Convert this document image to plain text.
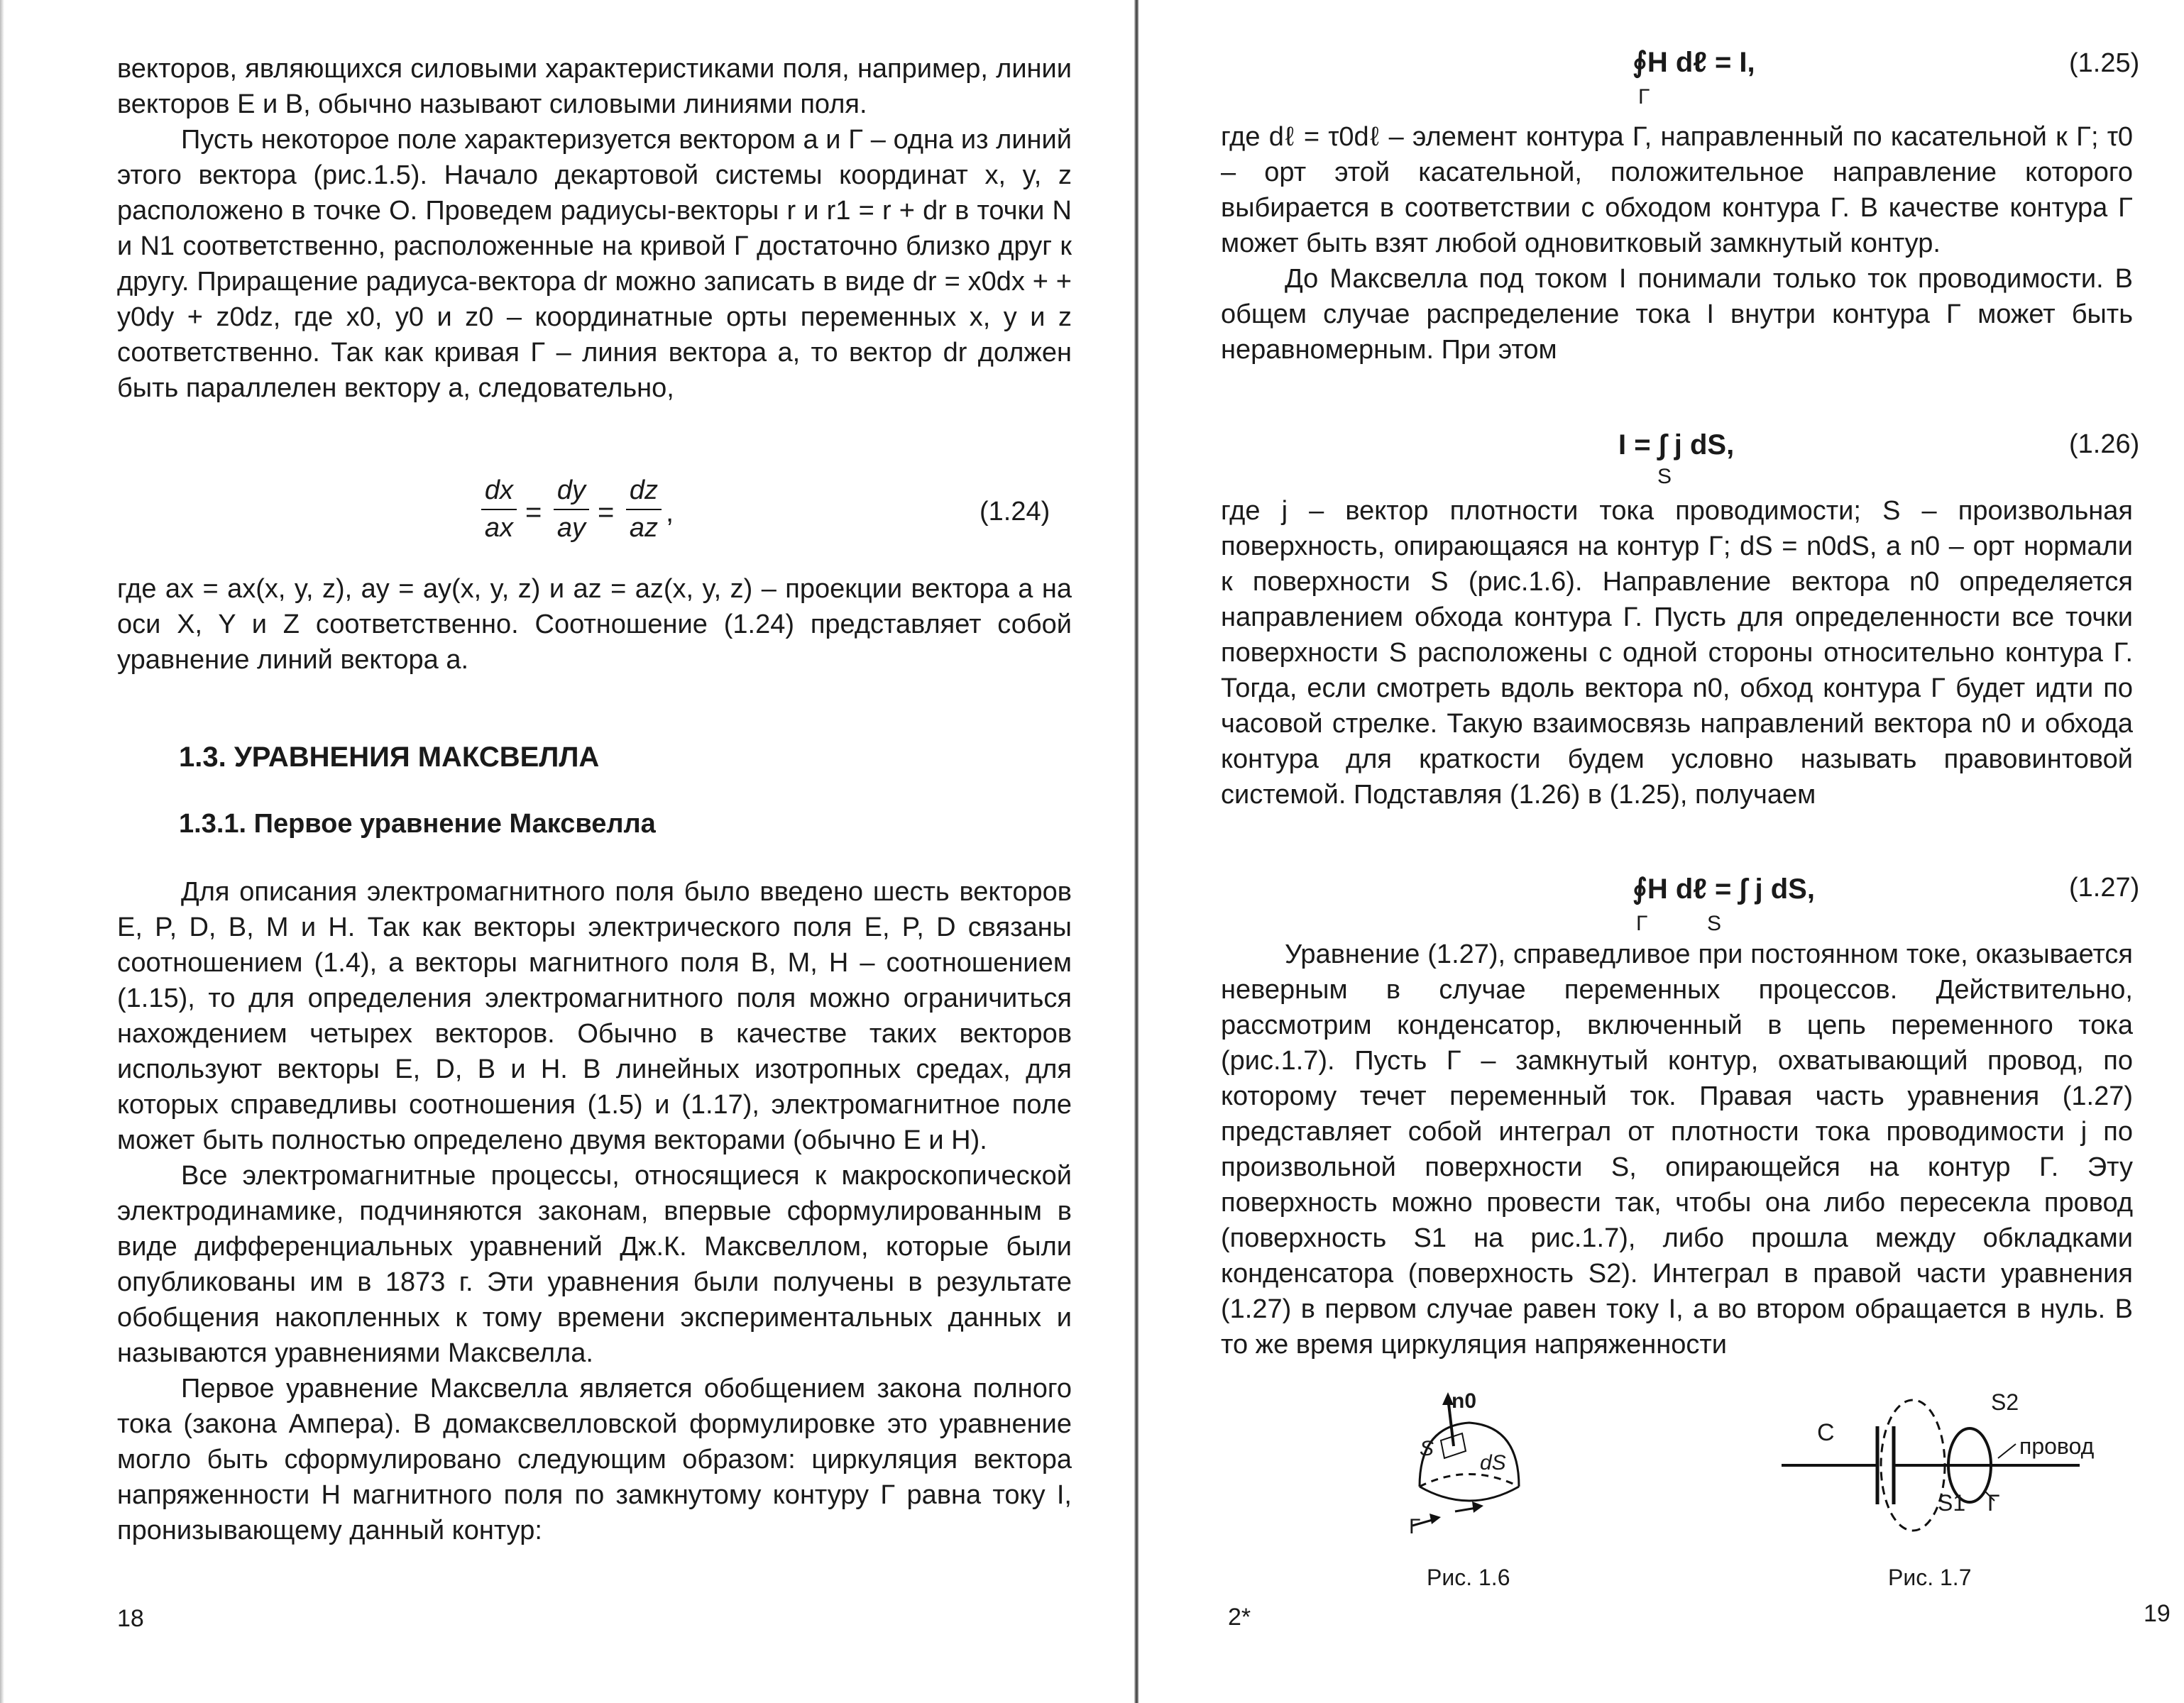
векторов, являющихся силовыми характеристиками поля, например, линии векторов E и B, обычно называют силовыми линиями поля.

Пусть некоторое поле характеризуется вектором a и Γ – одна из линий этого вектора (рис.1.5). Начало декартовой системы координат x, y, z расположено в точке O. Проведем радиусы-векторы r и r1 = r + dr в точки N и N1 соответственно, расположенные на кривой Γ достаточно близко друг к другу. Приращение радиуса-вектора dr можно записать в виде dr = x0dx + + y0dy + z0dz, где x0, y0 и z0 – координатные орты переменных x, y и z соответственно. Так как кривая Γ – линия вектора a, то вектор dr должен быть параллелен вектору a, следовательно,

dx
ax =
dy
ay =
dz
az ,	(1.24)

где ax = ax(x, y, z), ay = ay(x, y, z) и az = az(x, y, z) – проекции вектора a на оси X, Y и Z соответственно. Соотношение (1.24) представляет собой уравнение линий вектора a.

1.3. УРАВНЕНИЯ МАКСВЕЛЛА
1.3.1. Первое уравнение Максвелла

Для описания электромагнитного поля было введено шесть векторов E, P, D, B, M и H. Так как векторы электрического поля E, P, D связаны соотношением (1.4), а векторы магнитного поля B, M, H – соотношением (1.15), то для определения электромагнитного поля можно ограничиться нахождением четырех векторов. Обычно в качестве таких векторов используют векторы E, D, B и H. В линейных изотропных средах, для которых справедливы соотношения (1.5) и (1.17), электромагнитное поле может быть полностью определено двумя векторами (обычно E и H).

Все электромагнитные процессы, относящиеся к макроскопической электродинамике, подчиняются законам, впервые сформулированным в виде дифференциальных уравнений Дж.К. Максвеллом, которые были опубликованы им в 1873 г. Эти уравнения были получены в результате обобщения накопленных к тому времени экспериментальных данных и называются уравнениями Максвелла.

Первое уравнение Максвелла является обобщением закона полного тока (закона Ампера). В домаксвелловской формулировке это уравнение могло быть сформулировано следующим образом: циркуляция вектора напряженности H магнитного поля по замкнутому контуру Γ равна току I, пронизывающему данный контур:

18
∮H dℓ = I,
Γ
(1.25)

где dℓ = τ0dℓ – элемент контура Γ, направленный по касательной к Γ; τ0 – орт этой касательной, положительное направление которого выбирается в соответствии с обходом контура Γ. В качестве контура Γ может быть взят любой одновитковый замкнутый контур.

До Максвелла под током I понимали только ток проводимости. В общем случае распределение тока I внутри контура Γ может быть неравномерным. При этом

I = ∫ j dS,
S
(1.26)

где j – вектор плотности тока проводимости; S – произвольная поверхность, опирающаяся на контур Γ; dS = n0dS, a n0 – орт нормали к поверхности S (рис.1.6). Направление вектора n0 определяется направлением обхода контура Γ. Пусть для определенности все точки поверхности S расположены с одной стороны относительно контура Γ. Тогда, если смотреть вдоль вектора n0, обход контура Γ будет идти по часовой стрелке. Такую взаимосвязь направлений вектора n0 и обхода контура для краткости будем условно называть правовинтовой системой. Подставляя (1.26) в (1.25), получаем

∮H dℓ = ∫ j dS,
Γ	S
(1.27)

Уравнение (1.27), справедливое при постоянном токе, оказывается неверным в случае переменных процессов. Действительно, рассмотрим конденсатор, включенный в цепь переменного тока (рис.1.7). Пусть Γ – замкнутый контур, охватывающий провод, по которому течет переменный ток. Правая часть уравнения (1.27) представляет собой интеграл от плотности тока проводимости j по произвольной поверхности S, опирающейся на контур Γ. Эту поверхность можно провести так, чтобы она либо пересекла провод (поверхность S1 на рис.1.7), либо прошла между обкладками конденсатора (поверхность S2). Интеграл в правой части уравнения (1.27) в первом случае равен току I, а во втором обращается в нуль. В то же время циркуляция напряженности

n0
S
dS
Γ
Рис. 1.6
C
S2
провод
S1 Γ
Рис. 1.7
2*	19
